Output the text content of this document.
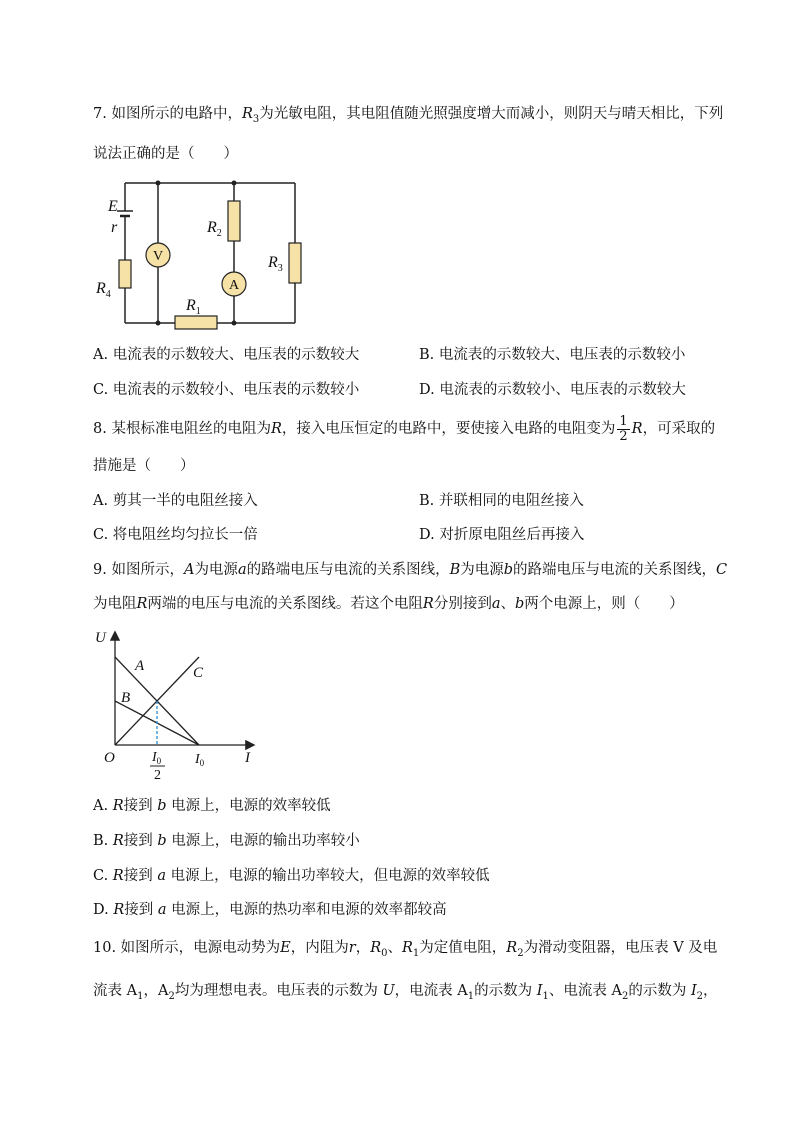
7. 如图所示的电路中，$R_3$为光敏电阻，其电阻值随光照强度增大而减小，则阴天与晴天相比，下列
说法正确的是（　　）
V
A
E
r
$R_4$
$R_2$
$R_3$
$R_1$
A. 电流表的示数较大、电压表的示数较大	B. 电流表的示数较大、电压表的示数较小
C. 电流表的示数较小、电压表的示数较小	D. 电流表的示数较小、电压表的示数较大
8. 某根标准电阻丝的电阻为R，接入电压恒定的电路中，要使接入电路的电阻变为 $\frac{1}{2}$ R，可采取的
措施是（　　）
A. 剪其一半的电阻丝接入	B. 并联相同的电阻丝接入
C. 将电阻丝均匀拉长一倍	D. 对折原电阻丝后再接入
9. 如图所示，A为电源a的路端电压与电流的关系图线，B为电源b的路端电压与电流的关系图线，C
为电阻R两端的电压与电流的关系图线。若这个电阻R分别接到a、b两个电源上，则（　　）
U
I
O
A
B
C
$I_0$
$I_0$
2
A. R接到 b 电源上，电源的效率较低
B. R接到 b 电源上，电源的输出功率较小
C. R接到 a 电源上，电源的输出功率较大，但电源的效率较低
D. R接到 a 电源上，电源的热功率和电源的效率都较高
10. 如图所示，电源电动势为E，内阻为r，$R_0$、$R_1$为定值电阻，$R_2$为滑动变阻器，电压表 V 及电
流表 $A_1$，$A_2$均为理想电表。电压表的示数为 U，电流表 $A_1$的示数为 $I_1$、电流表 $A_2$的示数为 $I_2$，
